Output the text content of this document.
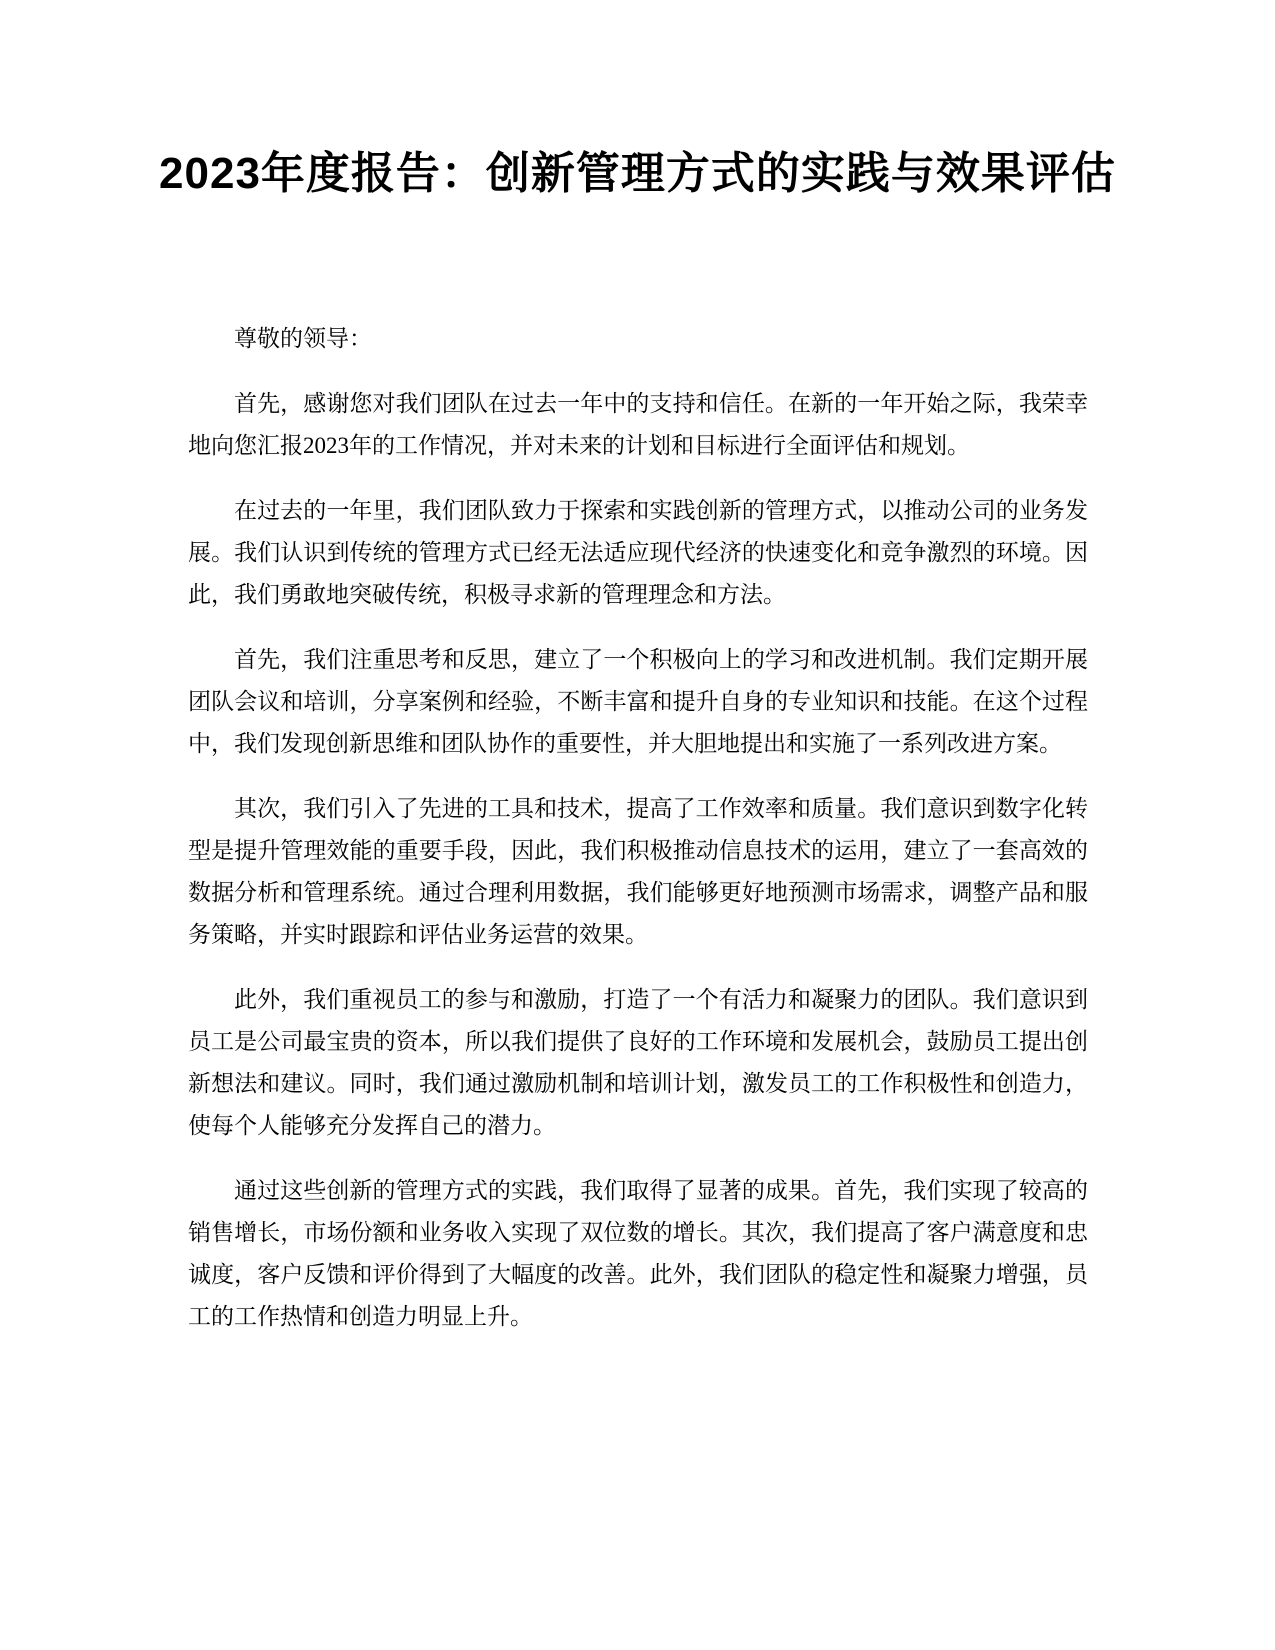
2023年度报告：创新管理方式的实践与效果评估

尊敬的领导：

首先，感谢您对我们团队在过去一年中的支持和信任。在新的一年开始之际，我荣幸地向您汇报2023年的工作情况，并对未来的计划和目标进行全面评估和规划。

在过去的一年里，我们团队致力于探索和实践创新的管理方式，以推动公司的业务发展。我们认识到传统的管理方式已经无法适应现代经济的快速变化和竞争激烈的环境。因此，我们勇敢地突破传统，积极寻求新的管理理念和方法。

首先，我们注重思考和反思，建立了一个积极向上的学习和改进机制。我们定期开展团队会议和培训，分享案例和经验，不断丰富和提升自身的专业知识和技能。在这个过程中，我们发现创新思维和团队协作的重要性，并大胆地提出和实施了一系列改进方案。

其次，我们引入了先进的工具和技术，提高了工作效率和质量。我们意识到数字化转型是提升管理效能的重要手段，因此，我们积极推动信息技术的运用，建立了一套高效的数据分析和管理系统。通过合理利用数据，我们能够更好地预测市场需求，调整产品和服务策略，并实时跟踪和评估业务运营的效果。

此外，我们重视员工的参与和激励，打造了一个有活力和凝聚力的团队。我们意识到员工是公司最宝贵的资本，所以我们提供了良好的工作环境和发展机会，鼓励员工提出创新想法和建议。同时，我们通过激励机制和培训计划，激发员工的工作积极性和创造力，使每个人能够充分发挥自己的潜力。

通过这些创新的管理方式的实践，我们取得了显著的成果。首先，我们实现了较高的销售增长，市场份额和业务收入实现了双位数的增长。其次，我们提高了客户满意度和忠诚度，客户反馈和评价得到了大幅度的改善。此外，我们团队的稳定性和凝聚力增强，员工的工作热情和创造力明显上升。
